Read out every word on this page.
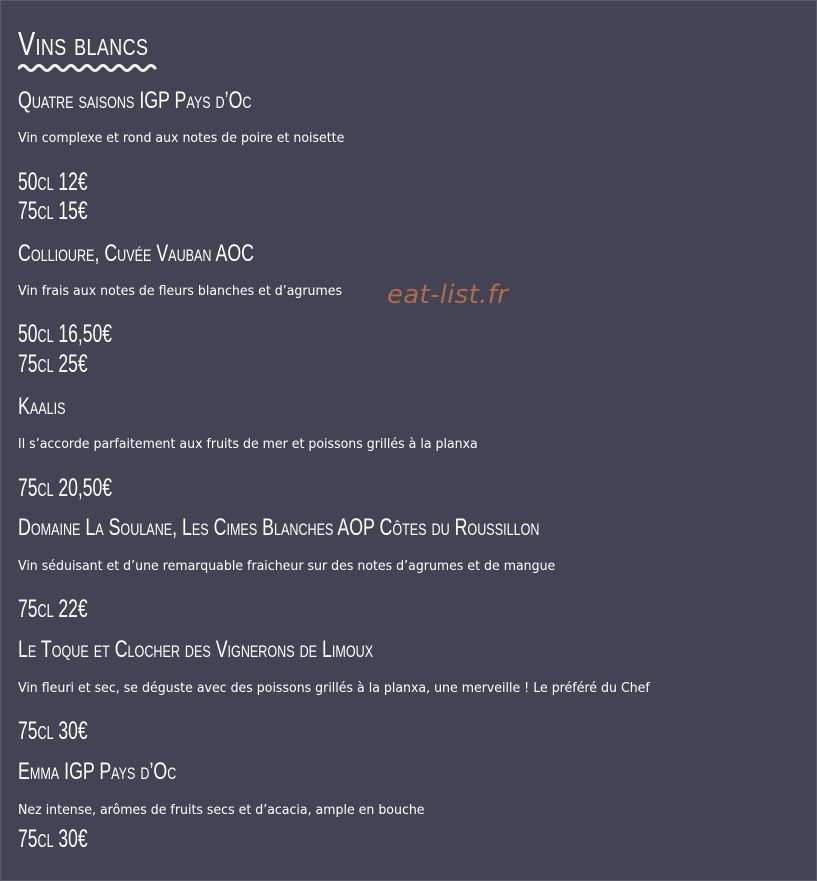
Vins blancs
Quatre saisons IGP Pays d’Oc
Vin complexe et rond aux notes de poire et noisette
50cl 12€
75cl 15€
Collioure, Cuvée Vauban AOC
Vin frais aux notes de fleurs blanches et d’agrumes
50cl 16,50€
75cl 25€
Kaalis
Il s’accorde parfaitement aux fruits de mer et poissons grillés à la planxa
75cl 20,50€
Domaine La Soulane, Les Cimes Blanches AOP Côtes du Roussillon
Vin séduisant et d’une remarquable fraicheur sur des notes d’agrumes et de mangue
75cl 22€
Le Toque et Clocher des Vignerons de Limoux
Vin fleuri et sec, se déguste avec des poissons grillés à la planxa, une merveille ! Le préféré du Chef
75cl 30€
Emma IGP Pays d’Oc
Nez intense, arômes de fruits secs et d’acacia, ample en bouche
75cl 30€
eat-list.fr
